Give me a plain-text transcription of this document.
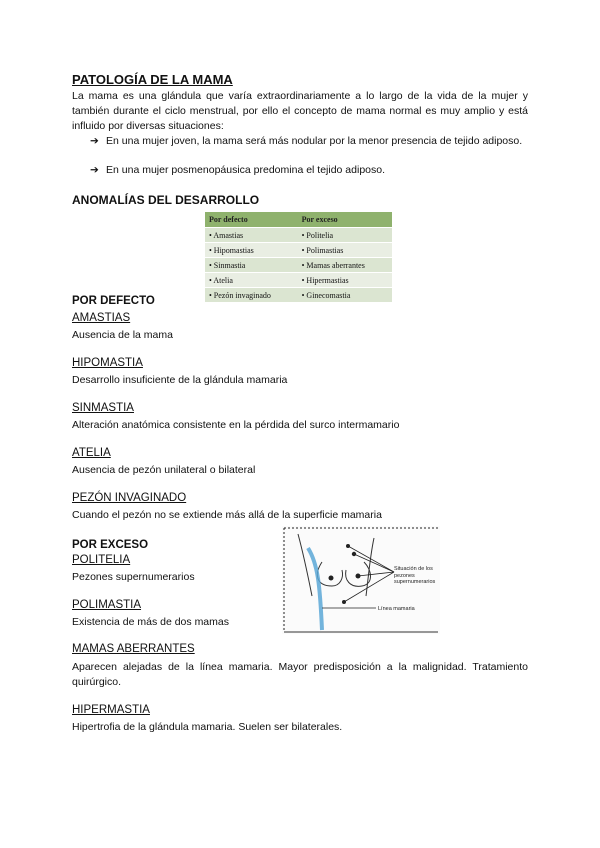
PATOLOGÍA DE LA MAMA
La mama es una glándula que varía extraordinariamente a lo largo de la vida de la mujer y también durante el ciclo menstrual, por ello el concepto de mama normal es muy amplio y está influido por diversas situaciones:
➔ En una mujer joven, la mama será más nodular por la menor presencia de tejido adiposo.
➔ En una mujer posmenopáusica predomina el tejido adiposo.
ANOMALÍAS DEL DESARROLLO
Por defecto	Por exceso
• Amastias	• Politelia
• Hipomastias	• Polimastias
• Sinmastia	• Mamas aberrantes
• Atelia	• Hipermastias
• Pezón invaginado	• Ginecomastia
POR DEFECTO
AMASTIAS
Ausencia de la mama
HIPOMASTIA
Desarrollo insuficiente de la glándula mamaria
SINMASTIA
Alteración anatómica consistente en la pérdida del surco intermamario
ATELIA
Ausencia de pezón unilateral o bilateral
PEZÓN INVAGINADO
Cuando el pezón no se extiende más allá de la superficie mamaria
POR EXCESO
POLITELIA
Pezones supernumerarios
POLIMASTIA
Existencia de más de dos mamas
MAMAS ABERRANTES
Aparecen alejadas de la línea mamaria. Mayor predisposición a la malignidad. Tratamiento quirúrgico.
HIPERMASTIA
Hipertrofia de la glándula mamaria. Suelen ser bilaterales.
Situación de los pezones supernumerarios
Línea mamaria
